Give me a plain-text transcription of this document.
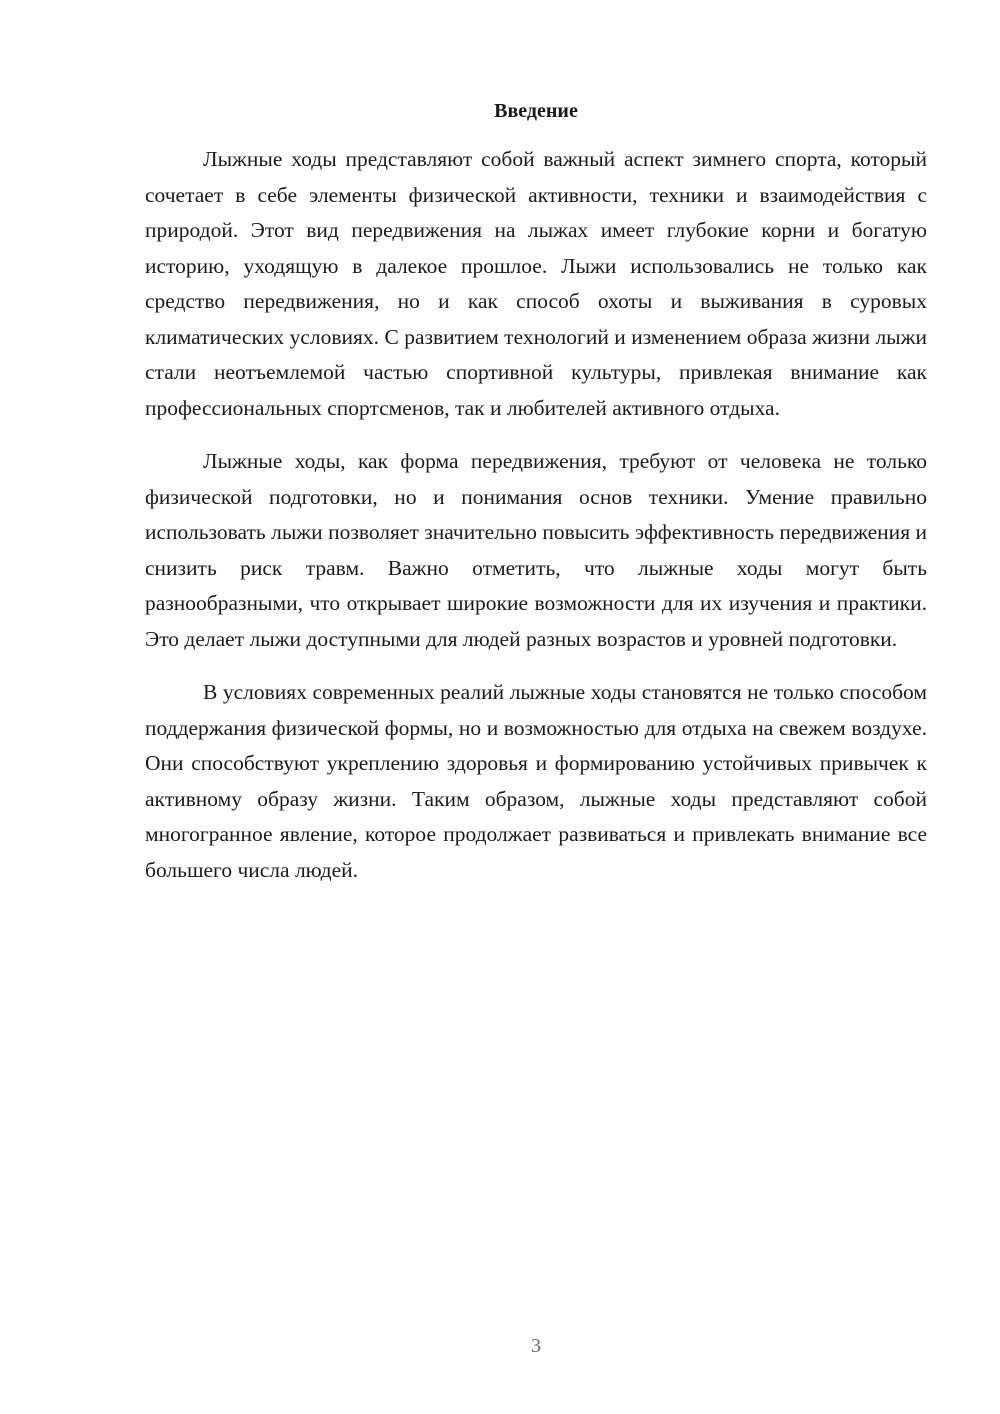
Введение

Лыжные ходы представляют собой важный аспект зимнего спорта, который сочетает в себе элементы физической активности, техники и взаимодействия с природой. Этот вид передвижения на лыжах имеет глубокие корни и богатую историю, уходящую в далекое прошлое. Лыжи использовались не только как средство передвижения, но и как способ охоты и выживания в суровых климатических условиях. С развитием технологий и изменением образа жизни лыжи стали неотъемлемой частью спортивной культуры, привлекая внимание как профессиональных спортсменов, так и любителей активного отдыха.

Лыжные ходы, как форма передвижения, требуют от человека не только физической подготовки, но и понимания основ техники. Умение правильно использовать лыжи позволяет значительно повысить эффективность передвижения и снизить риск травм. Важно отметить, что лыжные ходы могут быть разнообразными, что открывает широкие возможности для их изучения и практики. Это делает лыжи доступными для людей разных возрастов и уровней подготовки.

В условиях современных реалий лыжные ходы становятся не только способом поддержания физической формы, но и возможностью для отдыха на свежем воздухе. Они способствуют укреплению здоровья и формированию устойчивых привычек к активному образу жизни. Таким образом, лыжные ходы представляют собой многогранное явление, которое продолжает развиваться и привлекать внимание все большего числа людей.

3
